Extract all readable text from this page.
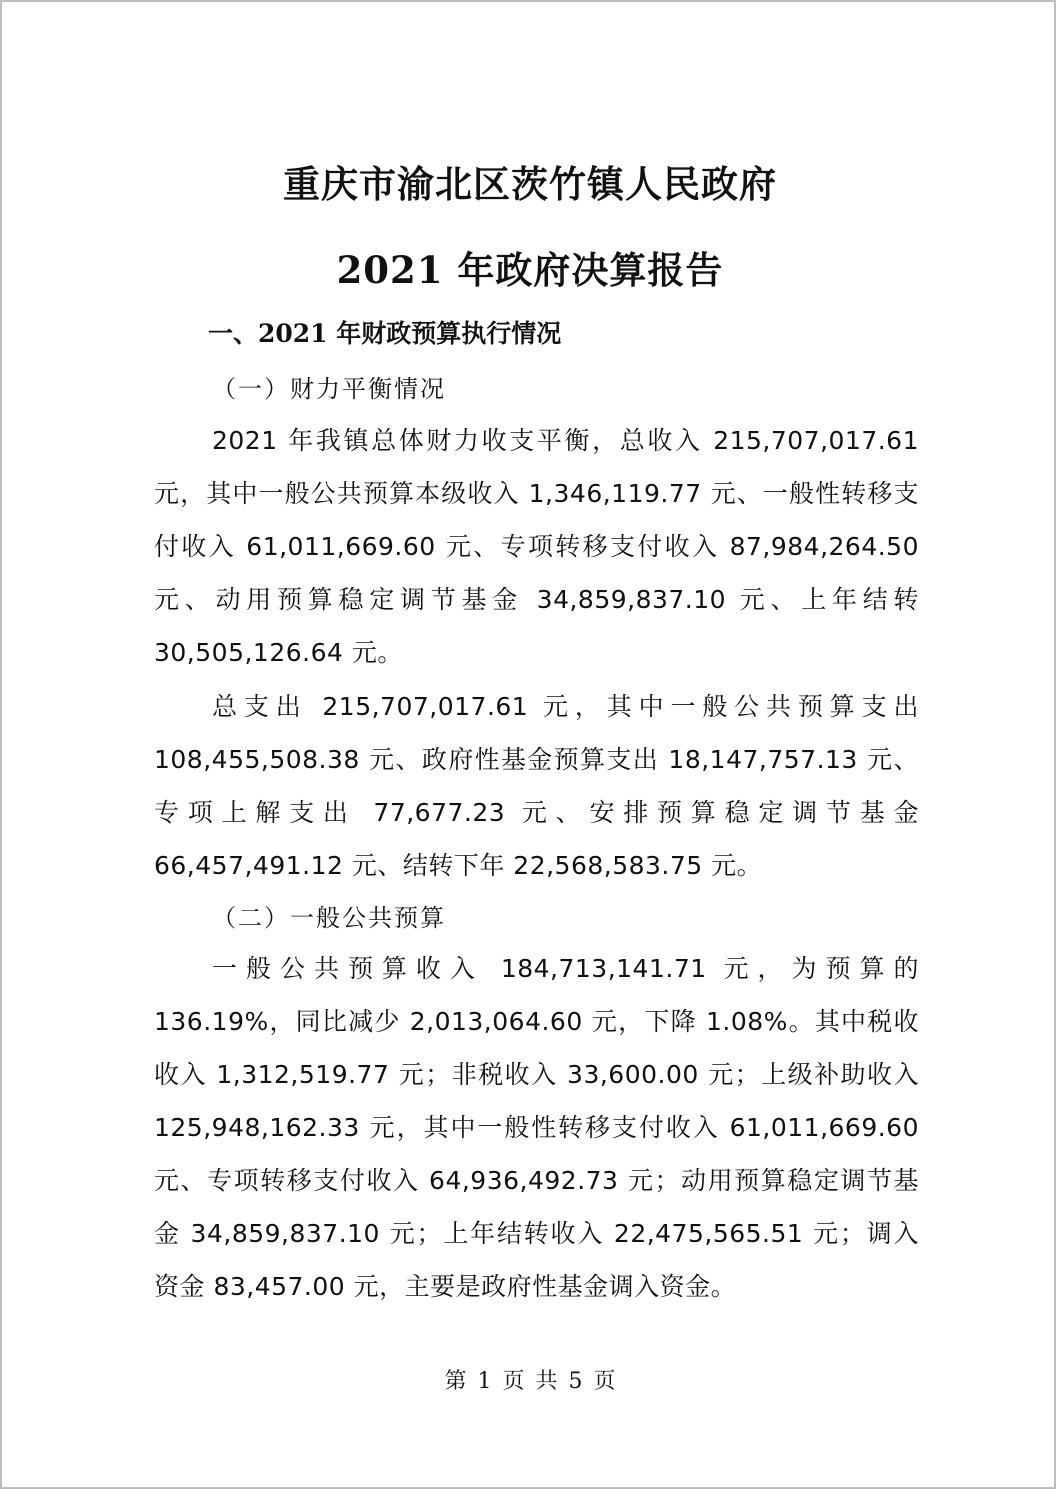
重庆市渝北区茨竹镇人民政府
2021 年政府决算报告
一、2021 年财政预算执行情况
（一）财力平衡情况
2021 年我镇总体财力收支平衡，总收入 215,707,017.61 元，其中一般公共预算本级收入 1,346,119.77 元、一般性转移支付收入 61,011,669.60 元、专项转移支付收入 87,984,264.50 元、动用预算稳定调节基金 34,859,837.10 元、上年结转 30,505,126.64 元。
总支出 215,707,017.61 元，其中一般公共预算支出 108,455,508.38 元、政府性基金预算支出 18,147,757.13 元、专项上解支出 77,677.23 元、安排预算稳定调节基金 66,457,491.12 元、结转下年 22,568,583.75 元。
（二）一般公共预算
一般公共预算收入 184,713,141.71 元，为预算的 136.19%，同比减少 2,013,064.60 元，下降 1.08%。其中税收收入 1,312,519.77 元；非税收入 33,600.00 元；上级补助收入 125,948,162.33 元，其中一般性转移支付收入 61,011,669.60 元、专项转移支付收入 64,936,492.73 元；动用预算稳定调节基金 34,859,837.10 元；上年结转收入 22,475,565.51 元；调入资金 83,457.00 元，主要是政府性基金调入资金。
第 1 页 共 5 页
